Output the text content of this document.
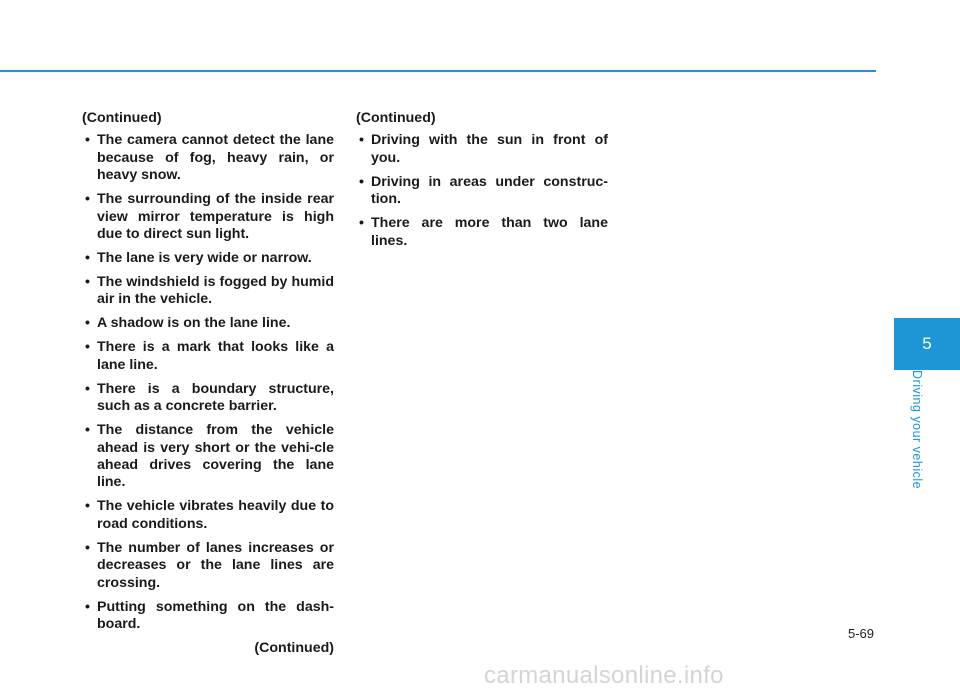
(Continued)
• The camera cannot detect the lane because of fog, heavy rain, or heavy snow.
• The surrounding of the inside rear view mirror temperature is high due to direct sun light.
• The lane is very wide or narrow.
• The windshield is fogged by humid air in the vehicle.
• A shadow is on the lane line.
• There is a mark that looks like a lane line.
• There is a boundary structure, such as a concrete barrier.
• The distance from the vehicle ahead is very short or the vehi-cle ahead drives covering the lane line.
• The vehicle vibrates heavily due to road conditions.
• The number of lanes increases or decreases or the lane lines are crossing.
• Putting something on the dash-board.
(Continued)
(Continued)
• Driving with the sun in front of you.
• Driving in areas under construc-tion.
• There are more than two lane lines.
5
Driving your vehicle
5-69
carmanualsonline.info
